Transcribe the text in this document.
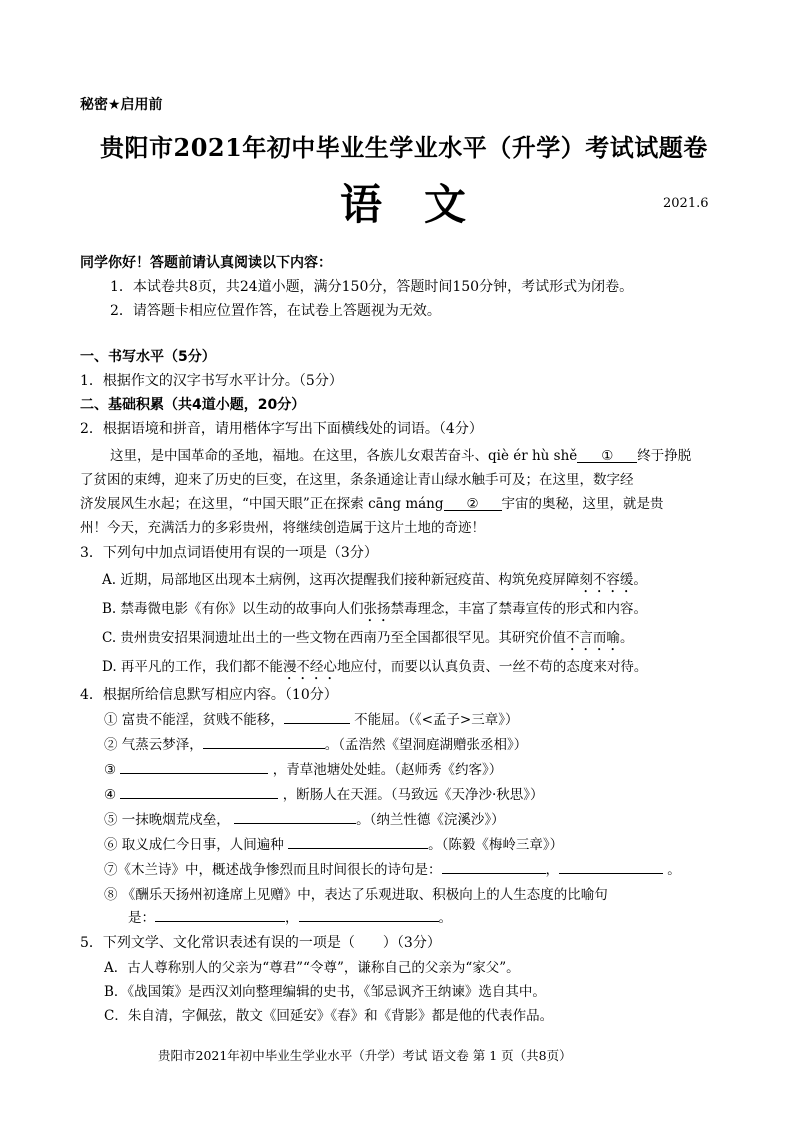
秘密★启用前
贵阳市2021年初中毕业生学业水平（升学）考试试题卷
语　文	2021.6
同学你好！答题前请认真阅读以下内容：
1．本试卷共8页，共24道小题，满分150分，答题时间150分钟，考试形式为闭卷。
2．请答题卡相应位置作答，在试卷上答题视为无效。
一、书写水平（5分）
1．根据作文的汉字书写水平计分。（5分）
二、基础积累（共4道小题，20分）
2．根据语境和拼音，请用楷体字写出下面横线处的词语。（4分）
这里，是中国革命的圣地，福地。在这里，各族儿女艰苦奋斗、qiè ér hù shě ① 终于挣脱
了贫困的束缚，迎来了历史的巨变，在这里，条条通途让青山绿水触手可及；在这里，数字经
济发展风生水起；在这里，“中国天眼”正在探索 cāng máng ② 宇宙的奥秘，这里，就是贵
州！今天，充满活力的多彩贵州，将继续创造属于这片土地的奇迹！
3．下列句中加点词语使用有误的一项是（3分）
A. 近期，局部地区出现本土病例，这再次提醒我们接种新冠疫苗、构筑免疫屏障刻不容缓。
B. 禁毒微电影《有你》以生动的故事向人们张扬禁毒理念，丰富了禁毒宣传的形式和内容。
C. 贵州贵安招果洞遗址出土的一些文物在西南乃至全国都很罕见。其研究价值不言而喻。
D. 再平凡的工作，我们都不能漫不经心地应付，而要以认真负责、一丝不苟的态度来对待。
4．根据所给信息默写相应内容。（10分）
① 富贵不能淫，贫贱不能移，	不能屈。（《<孟子>三章》）
② 气蒸云梦泽，	。（孟浩然《望洞庭湖赠张丞相》）
③	，青草池塘处处蛙。（赵师秀《约客》）
④	，断肠人在天涯。（马致远《天净沙·秋思》）
⑤ 一抹晚烟荒戍垒，	。（纳兰性德《浣溪沙》）
⑥ 取义成仁今日事，人间遍种	。（陈毅《梅岭三章》）
⑦《木兰诗》中，概述战争惨烈而且时间很长的诗句是：	，	。
⑧ 《酬乐天扬州初逢席上见赠》中，表达了乐观进取、积极向上的人生态度的比喻句
是：	，	。
5．下列文学、文化常识表述有误的一项是（　　）（3分）
A．古人尊称别人的父亲为“尊君”“令尊”，谦称自己的父亲为“家父”。
B．《战国策》是西汉刘向整理编辑的史书，《邹忌讽齐王纳谏》选自其中。
C．朱自清，字佩弦，散文《回延安》《春》和《背影》都是他的代表作品。
贵阳市2021年初中毕业生学业水平（升学）考试 语文卷 第 1 页（共8页）
